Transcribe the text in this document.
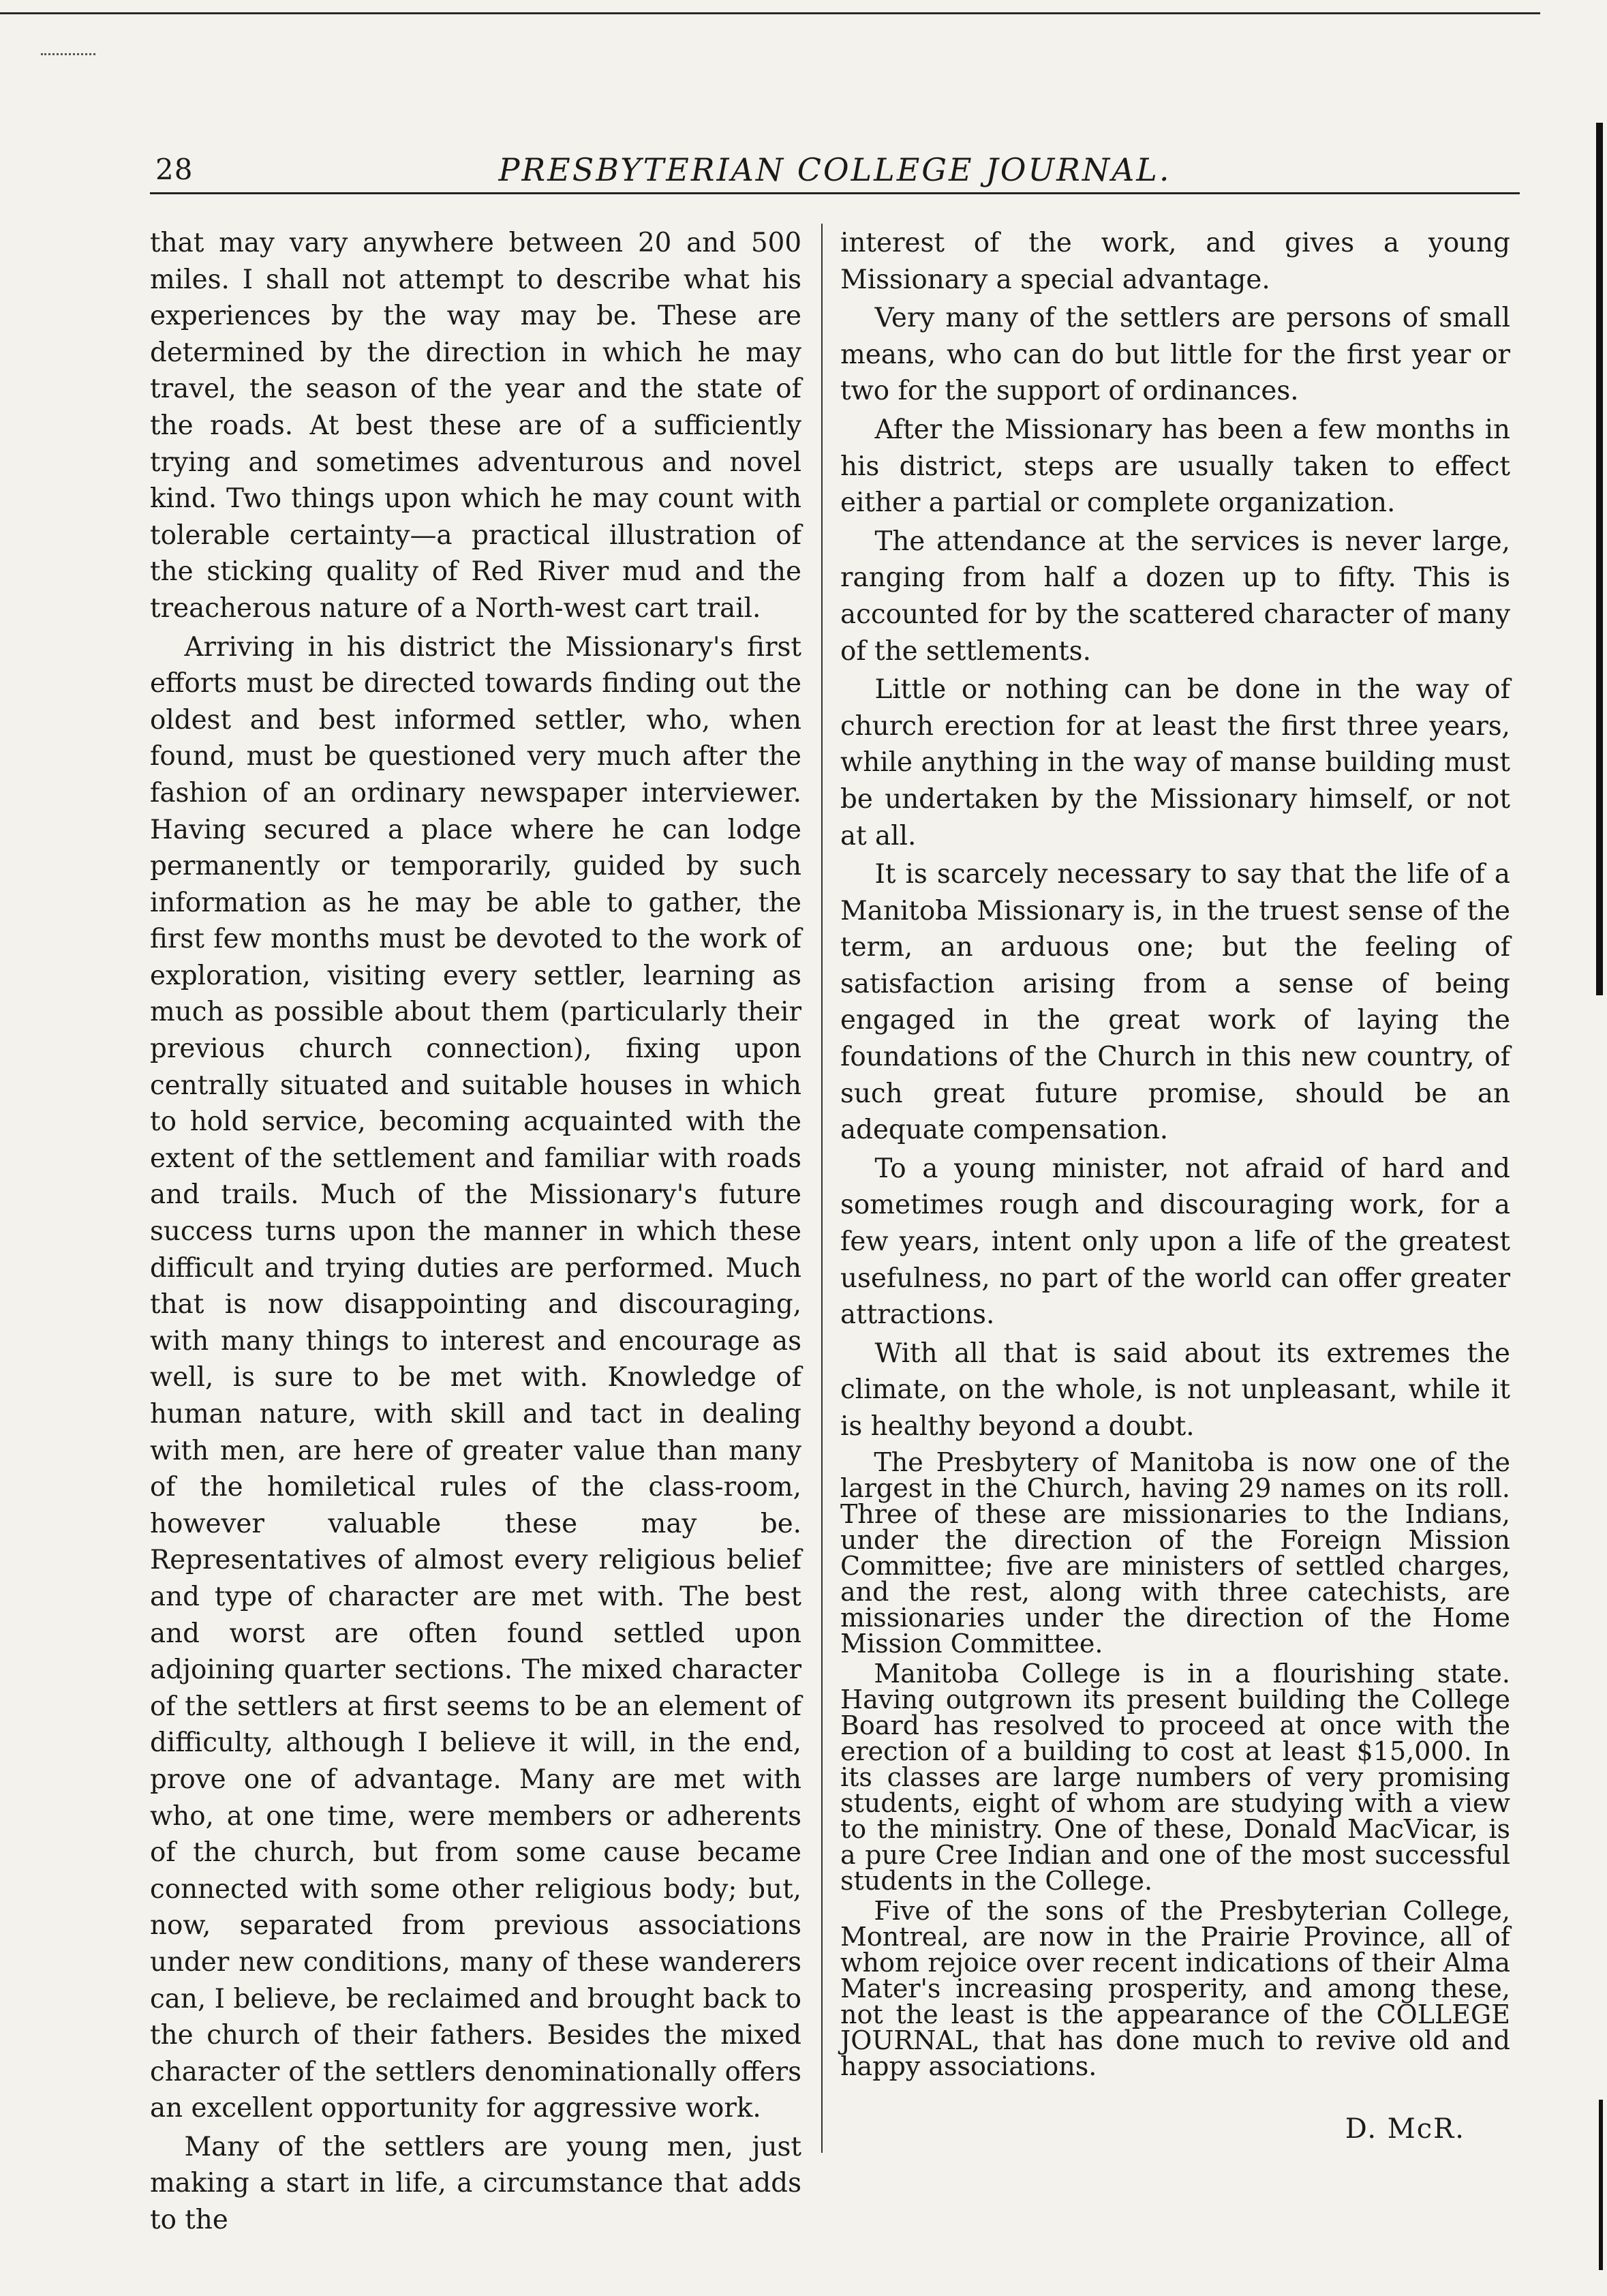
28	PRESBYTERIAN COLLEGE JOURNAL.

that may vary anywhere between 20 and 500 miles. I shall not attempt to describe what his experiences by the way may be. These are determined by the direction in which he may travel, the season of the year and the state of the roads. At best these are of a sufficiently trying and sometimes adventurous and novel kind. Two things upon which he may count with tolerable certainty—a practical illustration of the sticking quality of Red River mud and the treacherous nature of a North-west cart trail.

Arriving in his district the Missionary's first efforts must be directed towards finding out the oldest and best informed settler, who, when found, must be questioned very much after the fashion of an ordinary newspaper interviewer. Having secured a place where he can lodge permanently or temporarily, guided by such information as he may be able to gather, the first few months must be devoted to the work of exploration, visiting every settler, learning as much as possible about them (particularly their previous church connection), fixing upon centrally situated and suitable houses in which to hold service, becoming acquainted with the extent of the settlement and familiar with roads and trails. Much of the Missionary's future success turns upon the manner in which these difficult and trying duties are performed. Much that is now disappointing and discouraging, with many things to interest and encourage as well, is sure to be met with. Knowledge of human nature, with skill and tact in dealing with men, are here of greater value than many of the homiletical rules of the class-room, however valuable these may be. Representatives of almost every religious belief and type of character are met with. The best and worst are often found settled upon adjoining quarter sections. The mixed character of the settlers at first seems to be an element of difficulty, although I believe it will, in the end, prove one of advantage. Many are met with who, at one time, were members or adherents of the church, but from some cause became connected with some other religious body; but, now, separated from previous associations under new conditions, many of these wanderers can, I believe, be reclaimed and brought back to the church of their fathers. Besides the mixed character of the settlers denominationally offers an excellent opportunity for aggressive work.

Many of the settlers are young men, just making a start in life, a circumstance that adds to the

interest of the work, and gives a young Missionary a special advantage.

Very many of the settlers are persons of small means, who can do but little for the first year or two for the support of ordinances.

After the Missionary has been a few months in his district, steps are usually taken to effect either a partial or complete organization.

The attendance at the services is never large, ranging from half a dozen up to fifty. This is accounted for by the scattered character of many of the settlements.

Little or nothing can be done in the way of church erection for at least the first three years, while anything in the way of manse building must be undertaken by the Missionary himself, or not at all.

It is scarcely necessary to say that the life of a Manitoba Missionary is, in the truest sense of the term, an arduous one; but the feeling of satisfaction arising from a sense of being engaged in the great work of laying the foundations of the Church in this new country, of such great future promise, should be an adequate compensation.

To a young minister, not afraid of hard and sometimes rough and discouraging work, for a few years, intent only upon a life of the greatest usefulness, no part of the world can offer greater attractions.

With all that is said about its extremes the climate, on the whole, is not unpleasant, while it is healthy beyond a doubt.

The Presbytery of Manitoba is now one of the largest in the Church, having 29 names on its roll. Three of these are missionaries to the Indians, under the direction of the Foreign Mission Committee; five are ministers of settled charges, and the rest, along with three catechists, are missionaries under the direction of the Home Mission Committee.

Manitoba College is in a flourishing state. Having outgrown its present building the College Board has resolved to proceed at once with the erection of a building to cost at least $15,000. In its classes are large numbers of very promising students, eight of whom are studying with a view to the ministry. One of these, Donald MacVicar, is a pure Cree Indian and one of the most successful students in the College.

Five of the sons of the Presbyterian College, Montreal, are now in the Prairie Province, all of whom rejoice over recent indications of their Alma Mater's increasing prosperity, and among these, not the least is the appearance of the COLLEGE JOURNAL, that has done much to revive old and happy associations.

D. McR.
